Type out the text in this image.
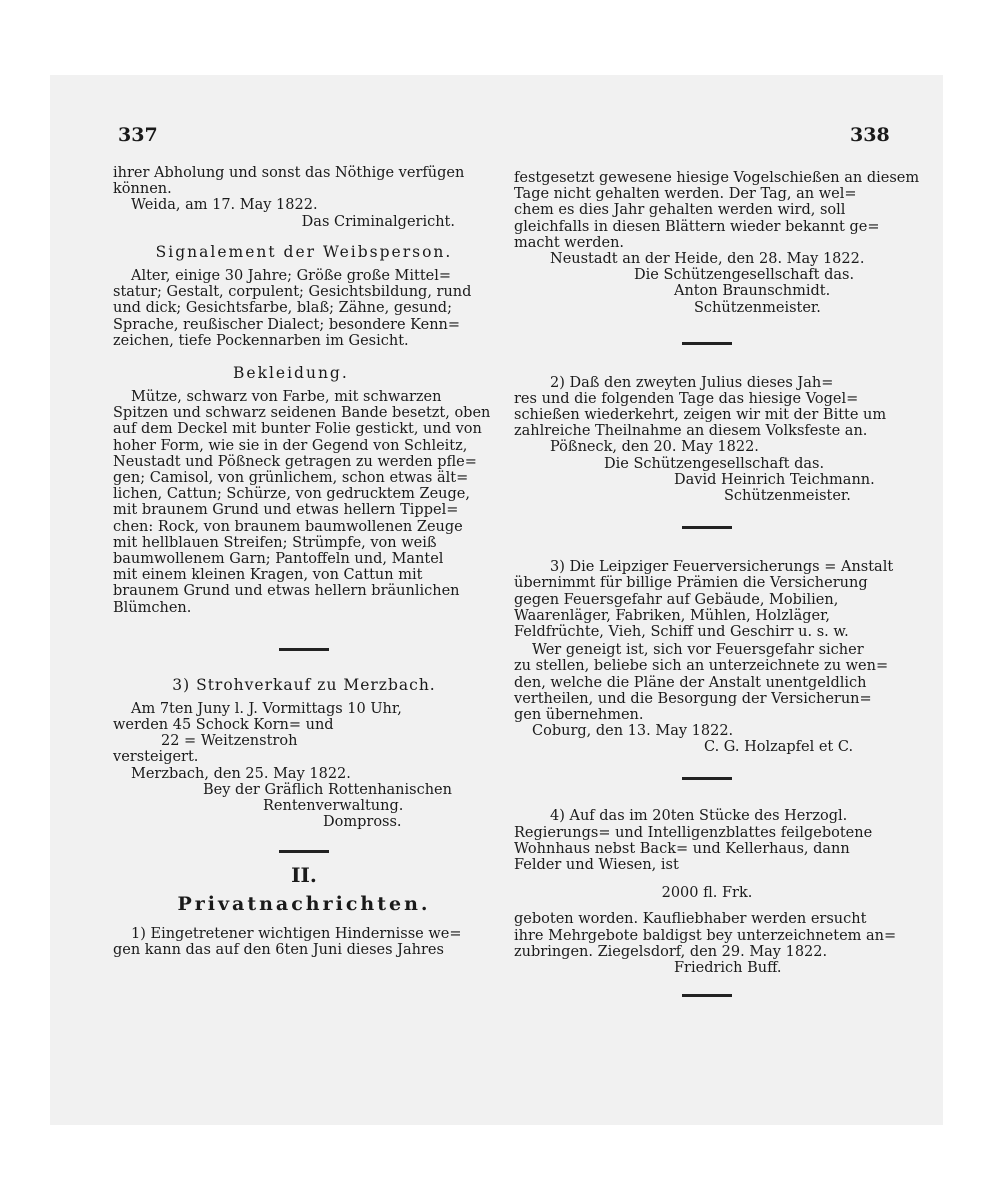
337	338
ihrer Abholung und sonst das Nöthige verfügen
können.
Weida, am 17. May 1822.
Das Criminalgericht.
Signalement der Weibsperson.
Alter, einige 30 Jahre; Größe große Mittel=
statur; Gestalt, corpulent; Gesichtsbildung, rund
und dick; Gesichtsfarbe, blaß; Zähne, gesund;
Sprache, reußischer Dialect; besondere Kenn=
zeichen, tiefe Pockennarben im Gesicht.
Bekleidung.
Mütze, schwarz von Farbe, mit schwarzen
Spitzen und schwarz seidenen Bande besetzt, oben
auf dem Deckel mit bunter Folie gestickt, und von
hoher Form, wie sie in der Gegend von Schleitz,
Neustadt und Pößneck getragen zu werden pfle=
gen; Camisol, von grünlichem, schon etwas ält=
lichen, Cattun; Schürze, von gedrucktem Zeuge,
mit braunem Grund und etwas hellern Tippel=
chen: Rock, von braunem baumwollenen Zeuge
mit hellblauen Streifen; Strümpfe, von weiß
baumwollenem Garn; Pantoffeln und, Mantel
mit einem kleinen Kragen, von Cattun mit
braunem Grund und etwas hellern bräunlichen
Blümchen.
3) Strohverkauf zu Merzbach.
Am 7ten Juny l. J. Vormittags 10 Uhr,
werden 45 Schock Korn= und
22 = Weitzenstroh
versteigert.
Merzbach, den 25. May 1822.
Bey der Gräflich Rottenhanischen
Rentenverwaltung.
Dompross.
II.
Privatnachrichten.
1) Eingetretener wichtigen Hindernisse we=
gen kann das auf den 6ten Juni dieses Jahres
festgesetzt gewesene hiesige Vogelschießen an diesem
Tage nicht gehalten werden. Der Tag, an wel=
chem es dies Jahr gehalten werden wird, soll
gleichfalls in diesen Blättern wieder bekannt ge=
macht werden.
Neustadt an der Heide, den 28. May 1822.
Die Schützengesellschaft das.
Anton Braunschmidt.
Schützenmeister.
2) Daß den zweyten Julius dieses Jah=
res und die folgenden Tage das hiesige Vogel=
schießen wiederkehrt, zeigen wir mit der Bitte um
zahlreiche Theilnahme an diesem Volksfeste an.
Pößneck, den 20. May 1822.
Die Schützengesellschaft das.
David Heinrich Teichmann.
Schützenmeister.
3) Die Leipziger Feuerversicherungs = Anstalt
übernimmt für billige Prämien die Versicherung
gegen Feuersgefahr auf Gebäude, Mobilien,
Waarenläger, Fabriken, Mühlen, Holzläger,
Feldfrüchte, Vieh, Schiff und Geschirr u. s. w.
Wer geneigt ist, sich vor Feuersgefahr sicher
zu stellen, beliebe sich an unterzeichnete zu wen=
den, welche die Pläne der Anstalt unentgeldlich
vertheilen, und die Besorgung der Versicherun=
gen übernehmen.
Coburg, den 13. May 1822.
C. G. Holzapfel et C.
4) Auf das im 20ten Stücke des Herzogl.
Regierungs= und Intelligenzblattes feilgebotene
Wohnhaus nebst Back= und Kellerhaus, dann
Felder und Wiesen, ist
2000 fl. Frk.
geboten worden. Kaufliebhaber werden ersucht
ihre Mehrgebote baldigst bey unterzeichnetem an=
zubringen. Ziegelsdorf, den 29. May 1822.
Friedrich Buff.
